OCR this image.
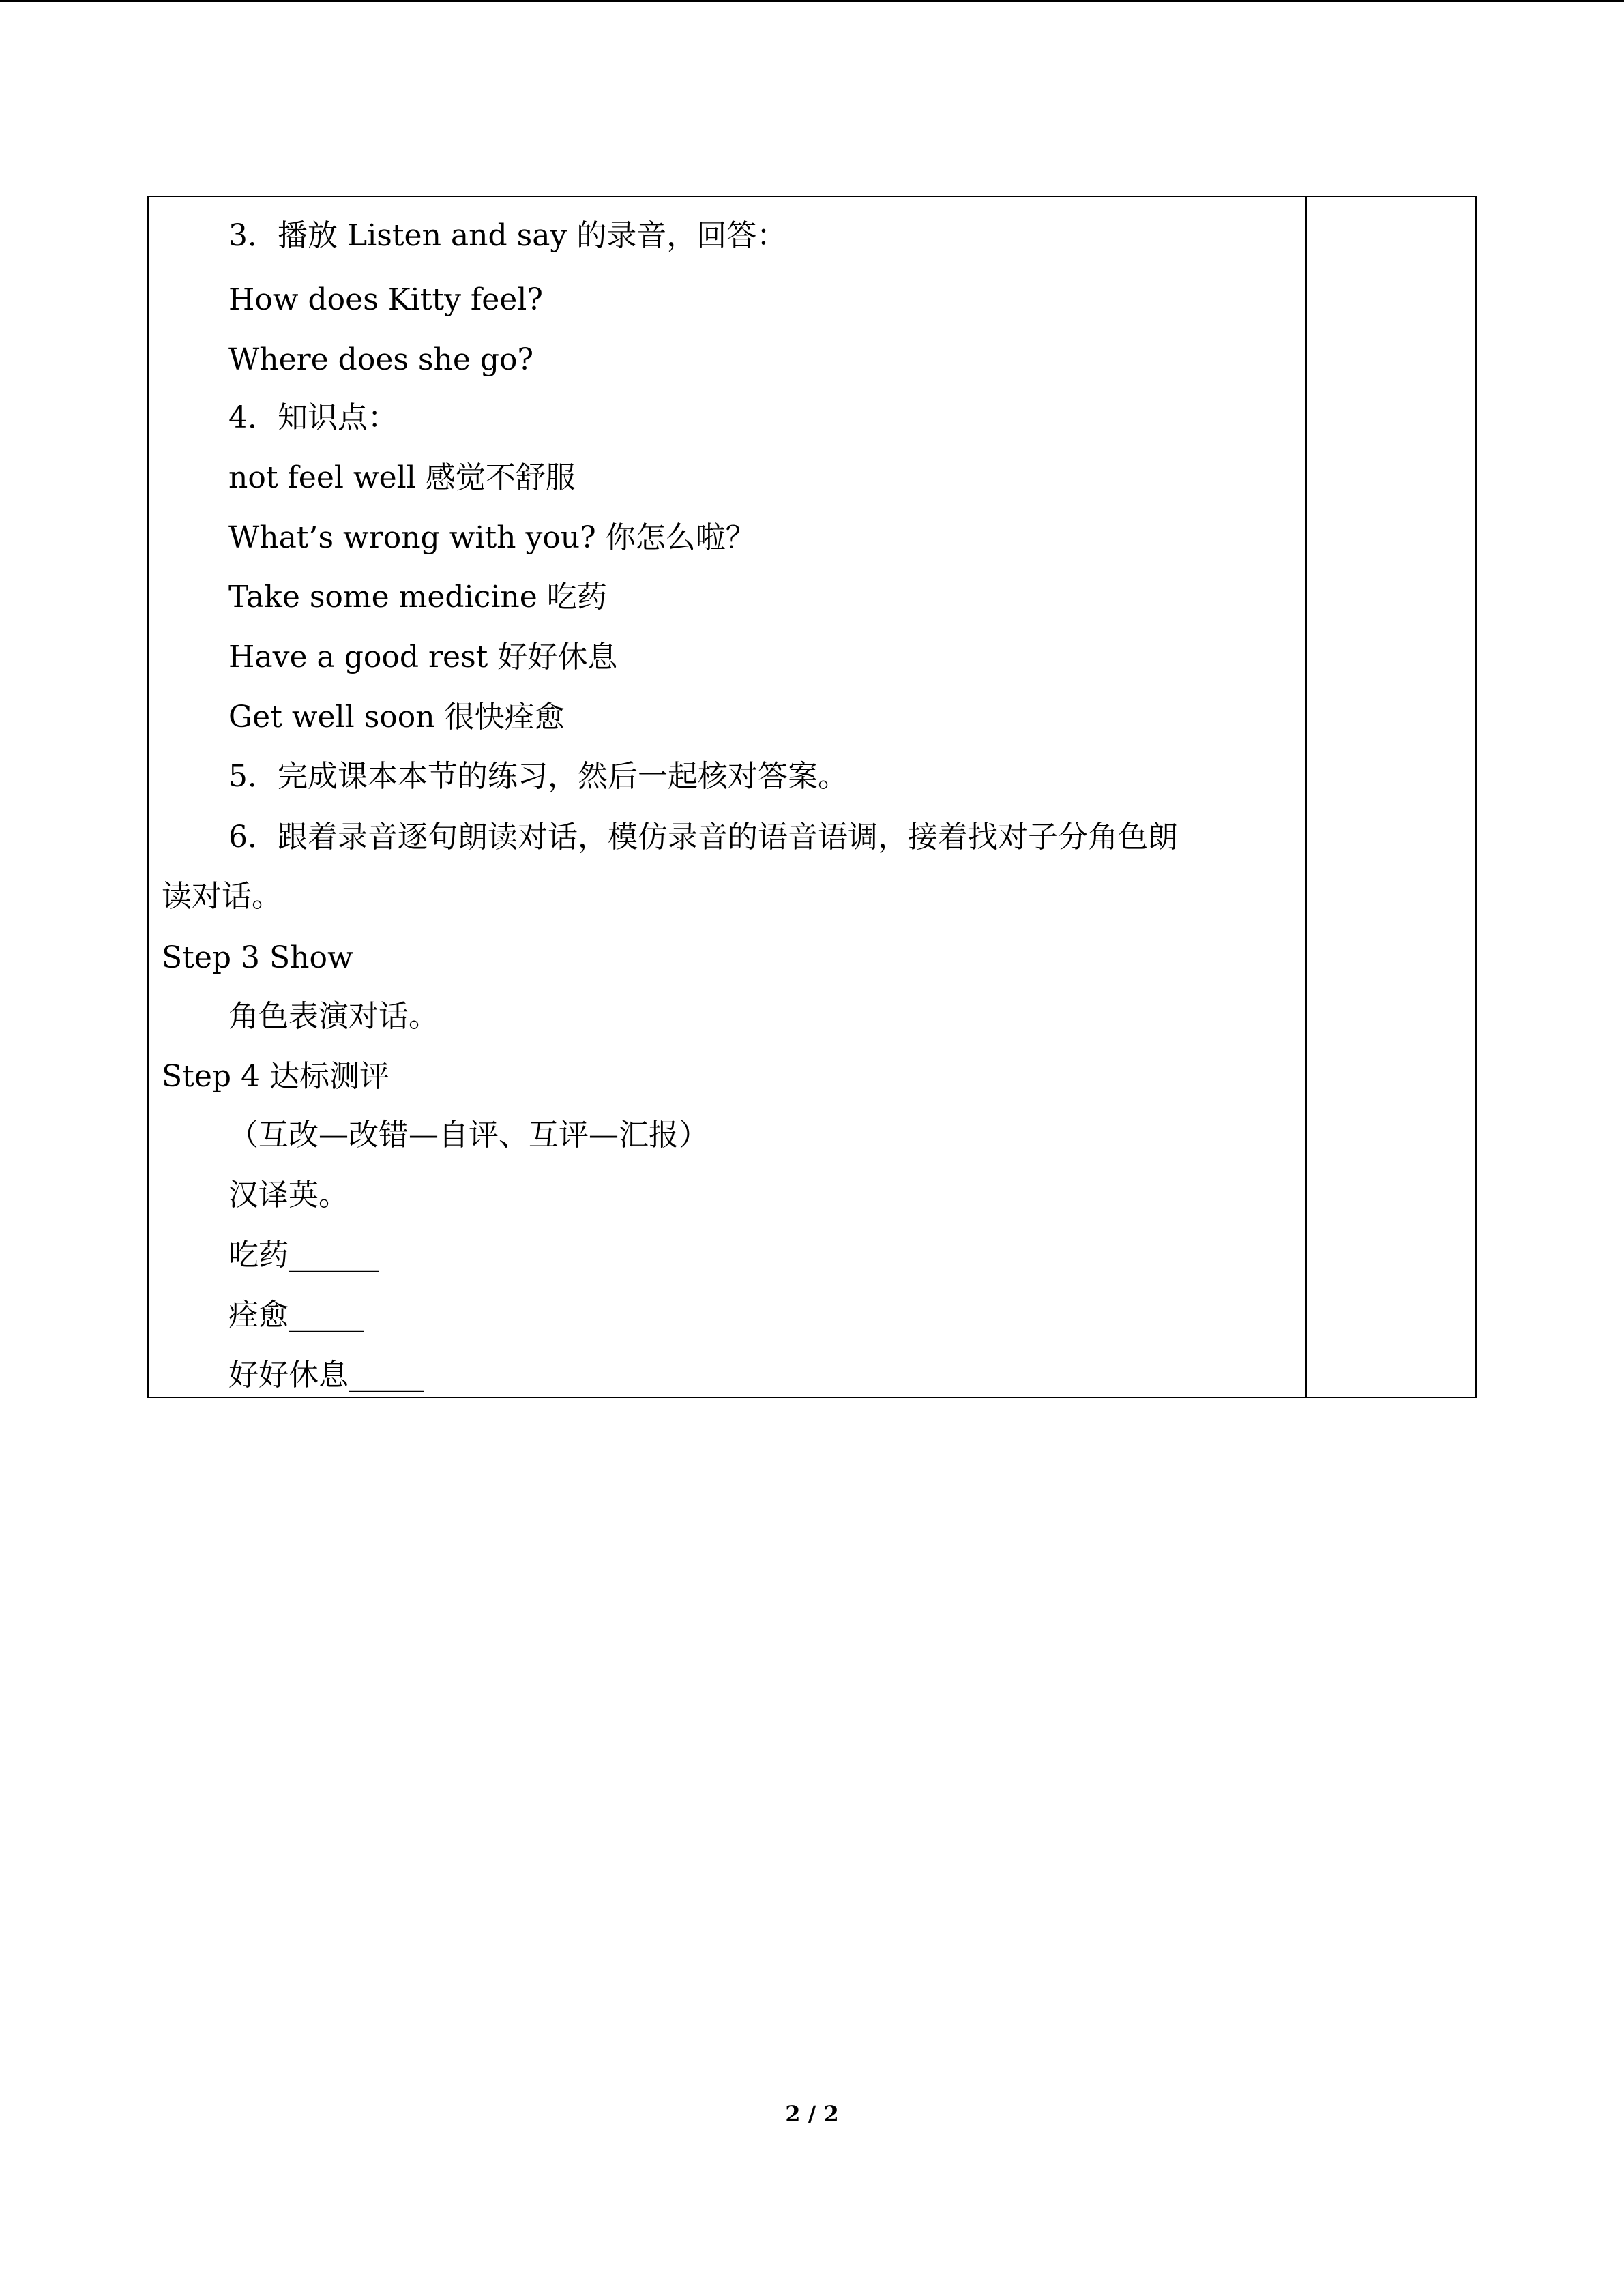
3．播放 Listen and say 的录音，回答：
How does Kitty feel?
Where does she go?
4．知识点：
not feel well 感觉不舒服
What’s wrong with you? 你怎么啦？
Take some medicine 吃药
Have a good rest 好好休息
Get well soon 很快痊愈
5．完成课本本节的练习，然后一起核对答案。
6．跟着录音逐句朗读对话，模仿录音的语音语调，接着找对子分角色朗
读对话。
Step 3 Show
角色表演对话。
Step 4 达标测评
（互改—改错—自评、互评—汇报）
汉译英。
吃药______
痊愈_____
好好休息_____
2 / 2
